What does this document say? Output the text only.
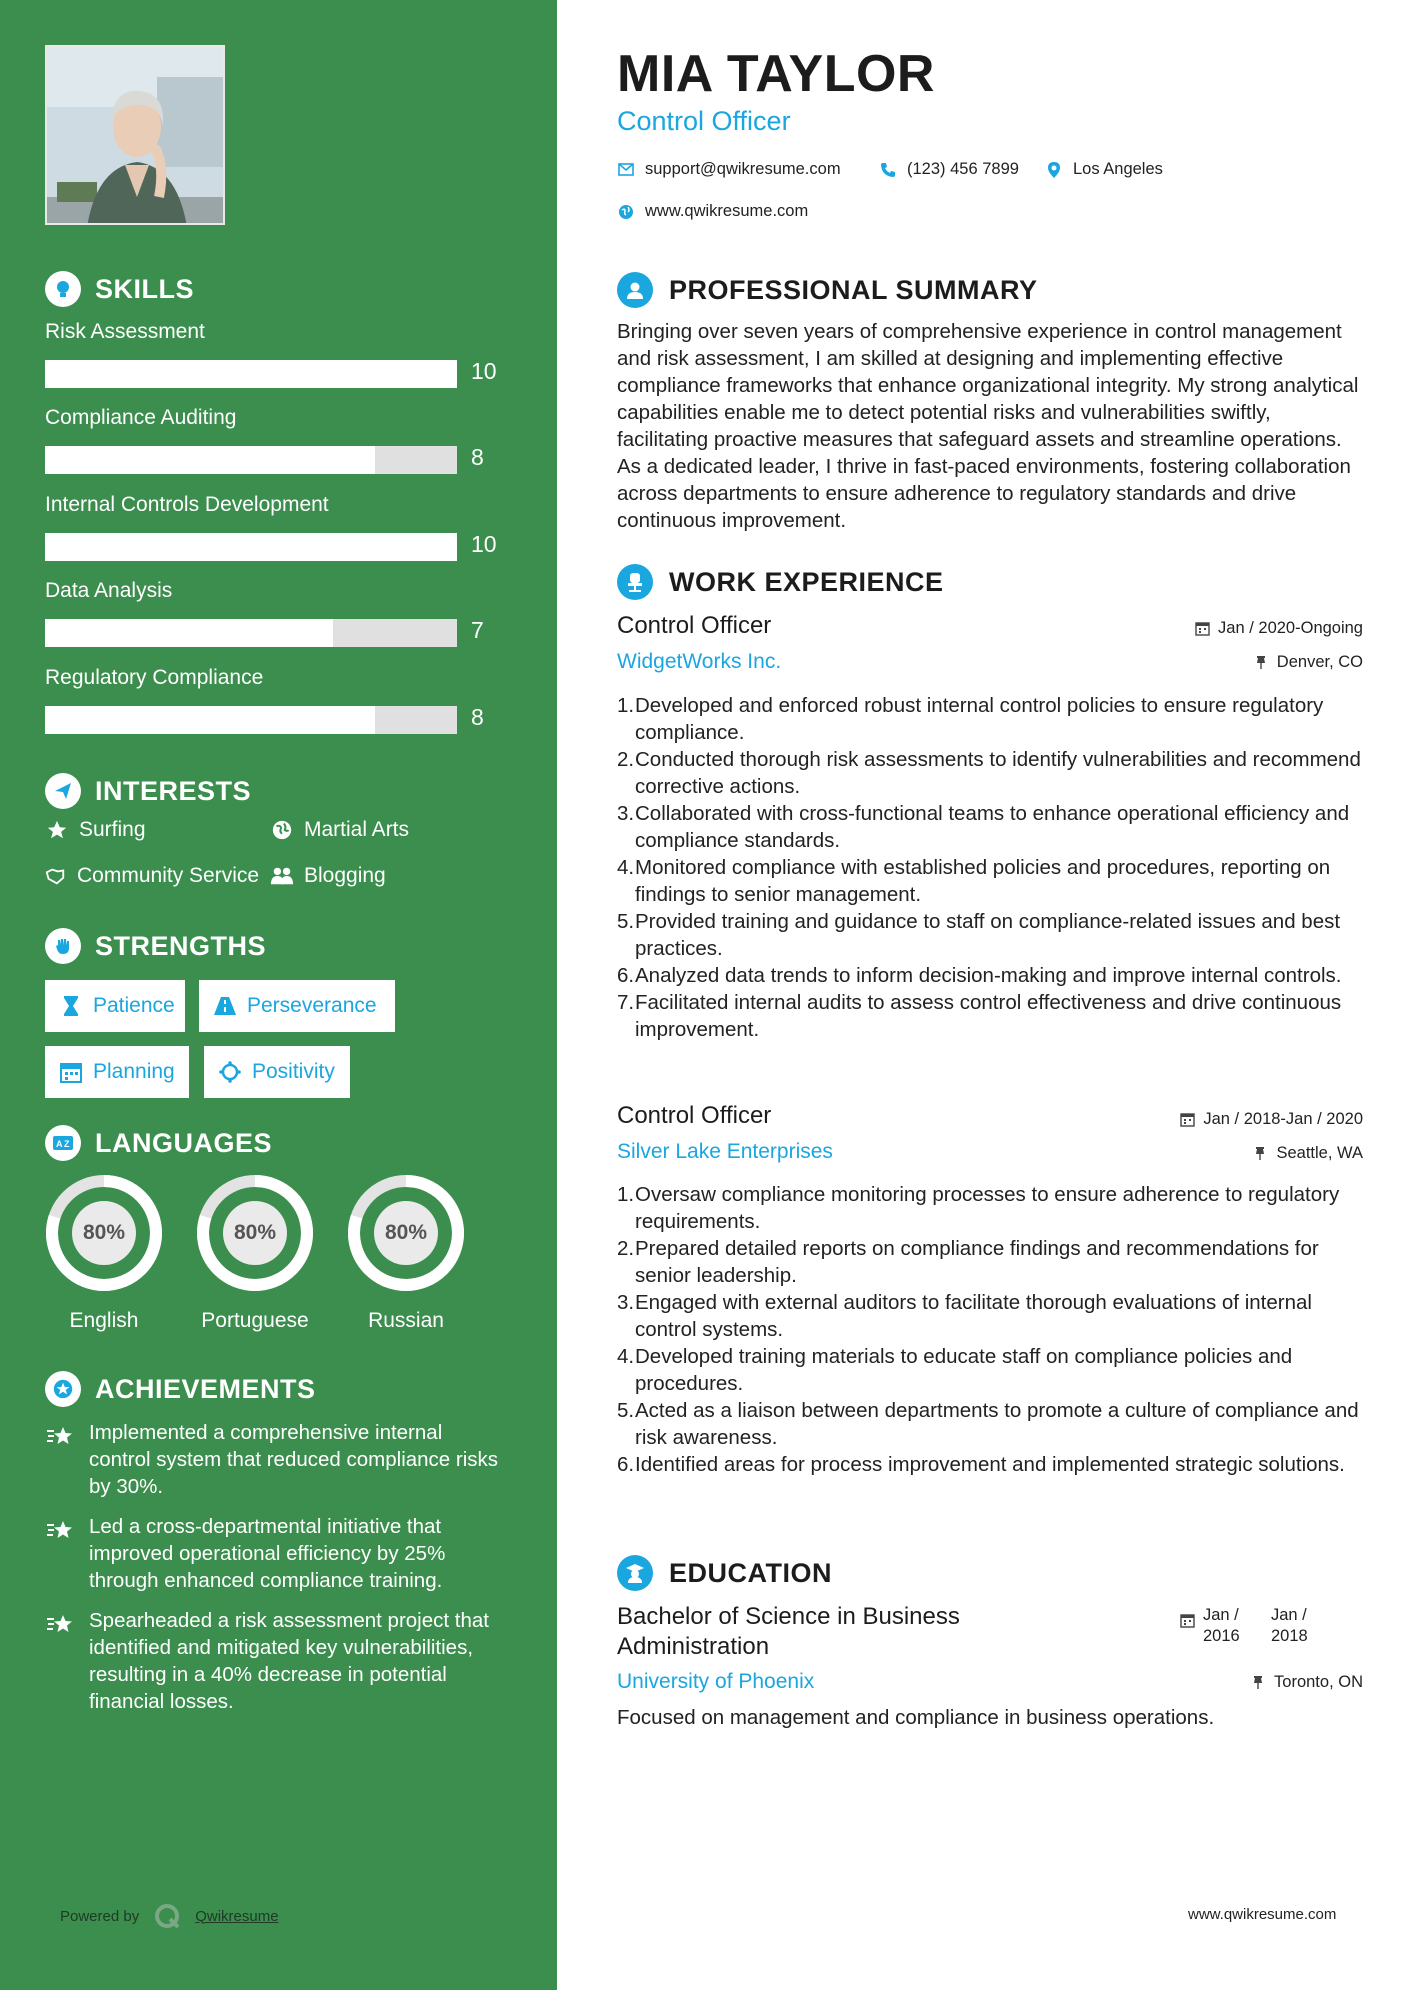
SKILLS
Risk Assessment
10
Compliance Auditing
8
Internal Controls Development
10
Data Analysis
7
Regulatory Compliance
8
INTERESTS
Surfing	Martial Arts
Community Service Blogging
STRENGTHS
Patience	Perseverance
Planning	Positivity
A Z LANGUAGES
80%
English
80%
Portuguese
80%
Russian
ACHIEVEMENTS
Implemented a comprehensive internal control system that reduced compliance risks by 30%.
Led a cross-departmental initiative that improved operational efficiency by 25% through enhanced compliance training.
Spearheaded a risk assessment project that identified and mitigated key vulnerabilities, resulting in a 40% decrease in potential financial losses.
Powered by	Qwikresume
MIA TAYLOR
Control Officer
support@qwikresume.com	(123) 456 7899	Los Angeles
www.qwikresume.com
PROFESSIONAL SUMMARY

Bringing over seven years of comprehensive experience in control management and risk assessment, I am skilled at designing and implementing effective compliance frameworks that enhance organizational integrity. My strong analytical capabilities enable me to detect potential risks and vulnerabilities swiftly, facilitating proactive measures that safeguard assets and streamline operations. As a dedicated leader, I thrive in fast-paced environments, fostering collaboration across departments to ensure adherence to regulatory standards and drive continuous improvement.

WORK EXPERIENCE
Control Officer	Jan / 2020-Ongoing
WidgetWorks Inc.	Denver, CO
1. Developed and enforced robust internal control policies to ensure regulatory compliance.
2. Conducted thorough risk assessments to identify vulnerabilities and recommend corrective actions.
3. Collaborated with cross-functional teams to enhance operational efficiency and compliance standards.
4. Monitored compliance with established policies and procedures, reporting on findings to senior management.
5. Provided training and guidance to staff on compliance-related issues and best practices.
6. Analyzed data trends to inform decision-making and improve internal controls.
7. Facilitated internal audits to assess control effectiveness and drive continuous improvement.
Control Officer	Jan / 2018-Jan / 2020
Silver Lake Enterprises	Seattle, WA
1. Oversaw compliance monitoring processes to ensure adherence to regulatory requirements.
2. Prepared detailed reports on compliance findings and recommendations for senior leadership.
3. Engaged with external auditors to facilitate thorough evaluations of internal control systems.
4. Developed training materials to educate staff on compliance policies and procedures.
5. Acted as a liaison between departments to promote a culture of compliance and risk awareness.
6. Identified areas for process improvement and implemented strategic solutions.
EDUCATION
Bachelor of Science in Business Administration
Jan /
2016
Jan /
2018
University of Phoenix	Toronto, ON
Focused on management and compliance in business operations.
www.qwikresume.com
